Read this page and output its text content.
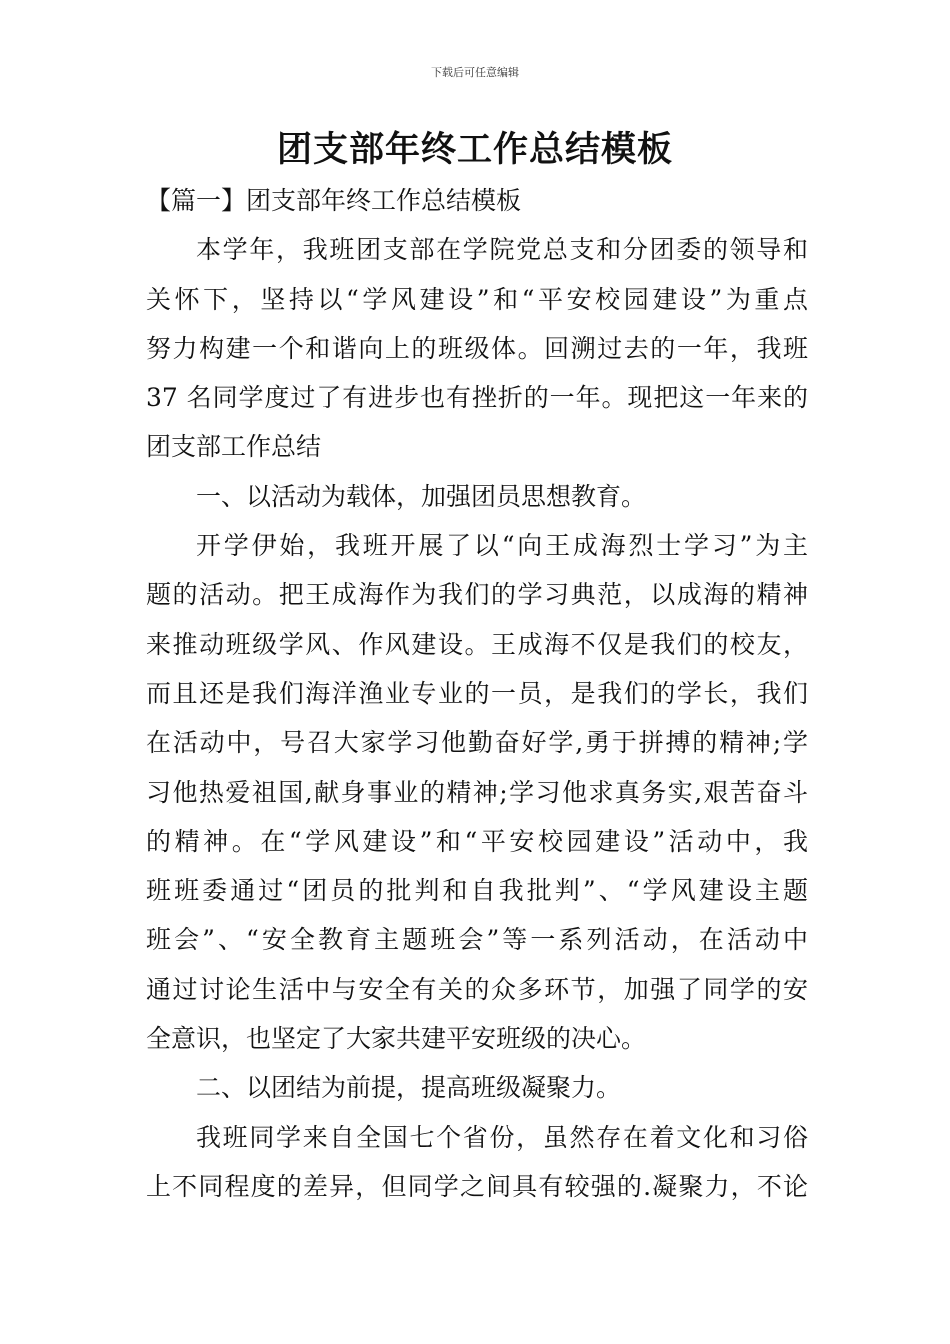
下载后可任意编辑
团支部年终工作总结模板
【篇一】团支部年终工作总结模板
本学年，我班团支部在学院党总支和分团委的领导和
关怀下，坚持以“学风建设”和“平安校园建设”为重点
努力构建一个和谐向上的班级体。回溯过去的一年，我班
37 名同学度过了有进步也有挫折的一年。现把这一年来的
团支部工作总结
一、以活动为载体，加强团员思想教育。
开学伊始，我班开展了以“向王成海烈士学习”为主
题的活动。把王成海作为我们的学习典范，以成海的精神
来推动班级学风、作风建设。王成海不仅是我们的校友，
而且还是我们海洋渔业专业的一员，是我们的学长，我们
在活动中，号召大家学习他勤奋好学,勇于拼搏的精神;学
习他热爱祖国,献身事业的精神;学习他求真务实,艰苦奋斗
的精神。在“学风建设”和“平安校园建设”活动中，我
班班委通过“团员的批判和自我批判”、“学风建设主题
班会”、“安全教育主题班会”等一系列活动，在活动中
通过讨论生活中与安全有关的众多环节，加强了同学的安
全意识，也坚定了大家共建平安班级的决心。
二、以团结为前提，提高班级凝聚力。
我班同学来自全国七个省份，虽然存在着文化和习俗
上不同程度的差异，但同学之间具有较强的.凝聚力，不论
